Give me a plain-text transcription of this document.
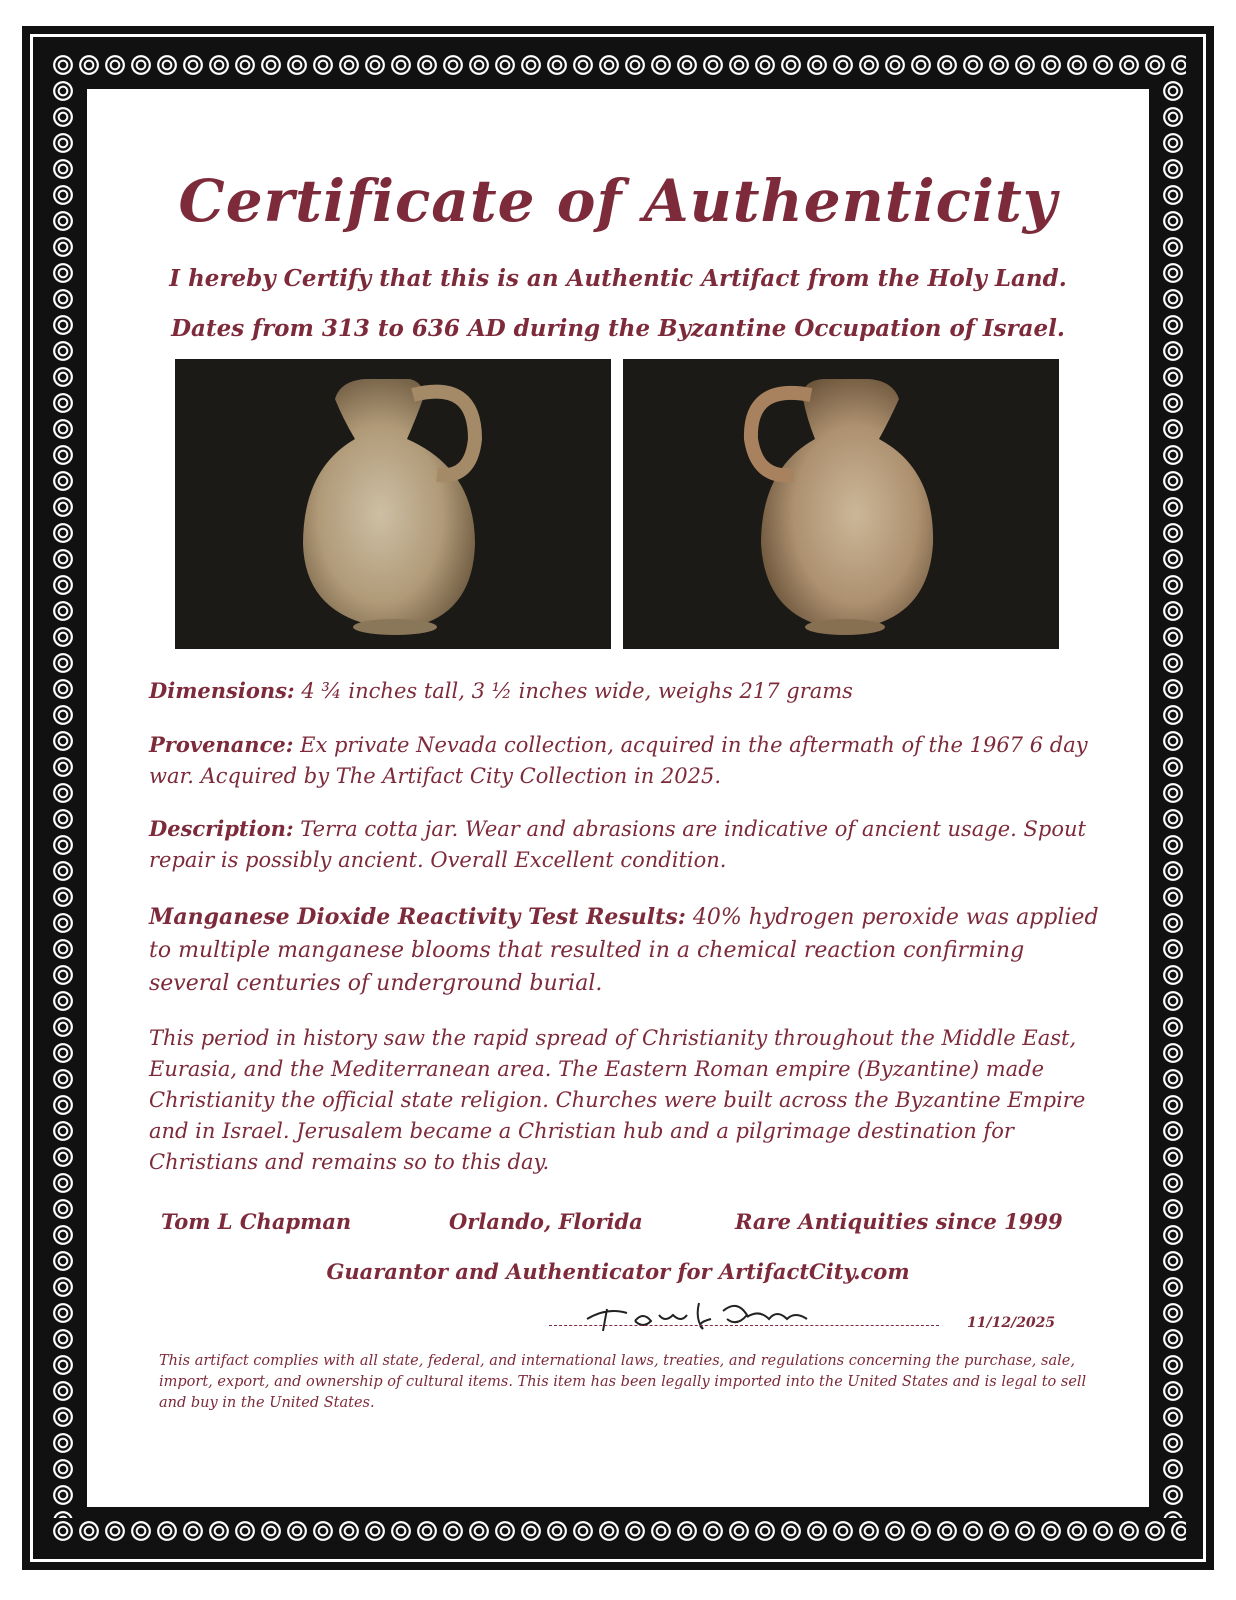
Certificate of Authenticity
I hereby Certify that this is an Authentic Artifact from the Holy Land.
Dates from 313 to 636 AD during the Byzantine Occupation of Israel.
Dimensions: 4 ¾ inches tall, 3 ½ inches wide, weighs 217 grams
Provenance: Ex private Nevada collection, acquired in the aftermath of the 1967 6 day war. Acquired by The Artifact City Collection in 2025.
Description: Terra cotta jar. Wear and abrasions are indicative of ancient usage. Spout repair is possibly ancient. Overall Excellent condition.
Manganese Dioxide Reactivity Test Results: 40% hydrogen peroxide was applied to multiple manganese blooms that resulted in a chemical reaction confirming several centuries of underground burial.
This period in history saw the rapid spread of Christianity throughout the Middle East, Eurasia, and the Mediterranean area. The Eastern Roman empire (Byzantine) made Christianity the official state religion. Churches were built across the Byzantine Empire and in Israel. Jerusalem became a Christian hub and a pilgrimage destination for Christians and remains so to this day.
Tom L Chapman	Orlando, Florida	Rare Antiquities since 1999
Guarantor and Authenticator for ArtifactCity.com
11/12/2025
This artifact complies with all state, federal, and international laws, treaties, and regulations concerning the purchase, sale, import, export, and ownership of cultural items. This item has been legally imported into the United States and is legal to sell and buy in the United States.
